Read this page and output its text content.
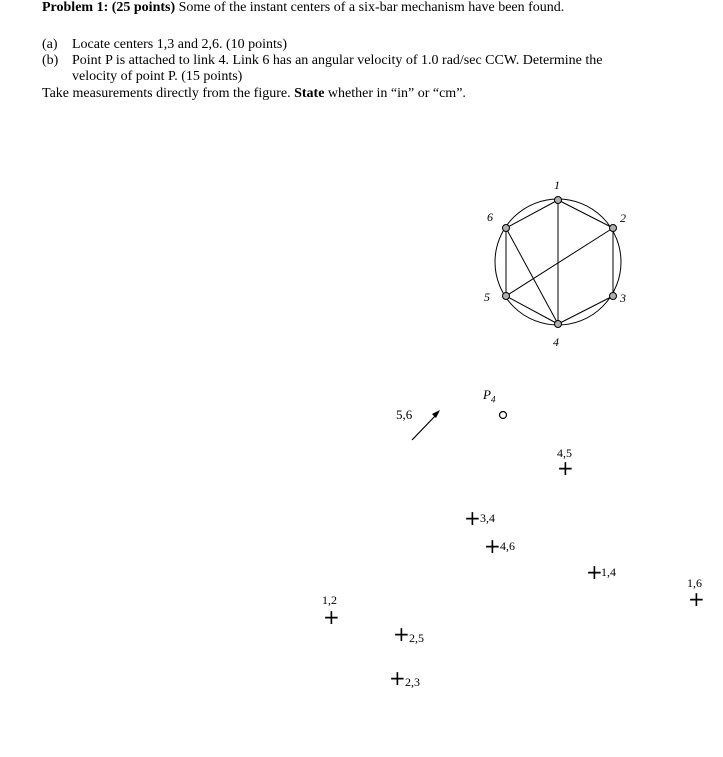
Problem 1: (25 points) Some of the instant centers of a six-bar mechanism have been found.
(a) Locate centers 1,3 and 2,6. (10 points)
(b) Point P is attached to link 4. Link 6 has an angular velocity of 1.0 rad/sec CCW. Determine the
velocity of point P. (15 points)
Take measurements directly from the figure. State whether in “in” or “cm”.
1
2
3
4
5
6
$P_4$
5,6
4,5
+
+ 3,4
+ 4,6
+
1,4
1,6
+
1,2
+
+ 2,5
+ 2,3
